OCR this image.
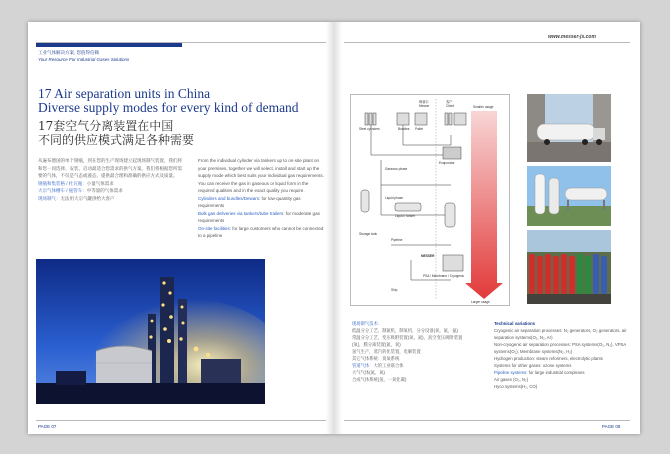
工业气体解决方案, 您值得信赖
Your Resource For Industrial Gases Solutions
17 Air separation units in China
Diverse supply modes for every kind of demand
17套空气分离装置在中国
不同的供应模式满足各种需要
从遍布德国的单个钢瓶，到在您的生产现场建立起现场制气装置，我们将和您一同选择、安装、启动最适合您需求的供气方案。我们将根据您所需要的气体，不仅是气态或液态，提供最合理和准确的供应方式及质量。
钢瓶和集装格 / 杜瓦瓶：小量气体需求
大宗气体槽车 / 拖管车：中等量的气体需求
现场制气：无法用大宗气罐供给大客户
From the individual cylinder via tankers up to on-site plant on your premises, together we will select, install and start up the supply mode which best suits your individual gas requirements. You can receive the gas in gaseous or liquid form in the required qualities and in the exact quality you require.
Cylinders and bundles/Dewars: for low-quantity gas requirements
Bulk gas deliveries via tankers/tube trailers: for moderate gas requirements
On-site facilities: for large customers who cannot be connected to a pipeline
PAGE 07
www.messer-js.com
梅塞尔
Messer
客户
Client
Steel cylinders	Bundles Pallet
Evaporator
Gaseous phase
Liquid phase
Liquid / tanker
Storage tank
Pipeline
MESSER
PSA / Membrane / Cryogenic
Ship
Smaller usage
Larger usage
现场制气技术：
低温分分工艺，制氮机，制氧机，分分设备(氧，氮，氩)
常温分分工艺，变压吸附装置(氧，氮)，真空变压吸附装置(氧)，膜分离装置(氮，氧)
氢气生产，蒸汽转化装置，电解装置
其它气体系统：臭氧系统
管道气体：大的工业联合体
大气气体(氮，氧)
合成气体系统(氢，一氧化碳)
Technical variations
Cryogenic air separation processes: N₂ generators, O₂ generators, air separation systems(O₂, N₂, Ar)
Non-cryogenic air separation processes: PSA systems(O₂, N₂), VPSA systems(O₂), Membrane systems(N₂, H₂)
Hydrogen production: steam reformers, electrolytic plants
Systems for other gases: ozone systems
Pipeline systems: for large industrial complexes
Air gases (O₂, N₂)
Hyco systems(H₂, CO)
PAGE 08
